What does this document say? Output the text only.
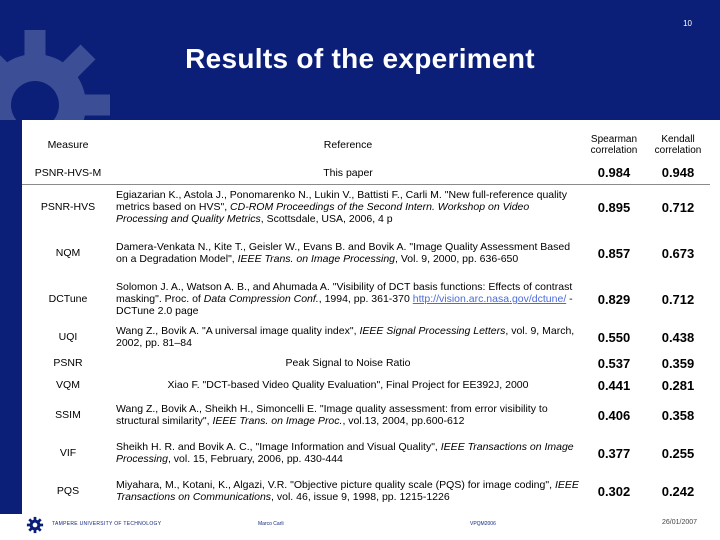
10
Results of the experiment
Measure	Reference	Spearman correlation	Kendall correlation
PSNR-HVS-M	This paper	0.984	0.948
PSNR-HVS	Egiazarian K., Astola J., Ponomarenko N., Lukin V., Battisti F., Carli M. "New full-reference quality metrics based on HVS", CD-ROM Proceedings of the Second Intern. Workshop on Video Processing and Quality Metrics, Scottsdale, USA, 2006, 4 p	0.895	0.712
NQM	Damera-Venkata N., Kite T., Geisler W., Evans B. and Bovik A. "Image Quality Assessment Based on a Degradation Model", IEEE Trans. on Image Processing, Vol. 9, 2000, pp. 636-650	0.857	0.673
DCTune	Solomon J. A., Watson A. B., and Ahumada A. "Visibility of DCT basis functions: Effects of contrast masking". Proc. of Data Compression Conf., 1994, pp. 361-370 http://vision.arc.nasa.gov/dctune/ - DCTune 2.0 page	0.829	0.712
UQI	Wang Z., Bovik A. "A universal image quality index", IEEE Signal Processing Letters, vol. 9, March, 2002, pp. 81–84	0.550	0.438
PSNR	Peak Signal to Noise Ratio	0.537	0.359
VQM	Xiao F. "DCT-based Video Quality Evaluation", Final Project for EE392J, 2000	0.441	0.281
SSIM	Wang Z., Bovik A., Sheikh H., Simoncelli E. "Image quality assessment: from error visibility to structural similarity", IEEE Trans. on Image Proc., vol.13, 2004, pp.600-612	0.406	0.358
VIF	Sheikh H. R. and Bovik A. C., "Image Information and Visual Quality", IEEE Transactions on Image Processing, vol. 15, February, 2006, pp. 430-444	0.377	0.255
PQS	Miyahara, M., Kotani, K., Algazi, V.R. "Objective picture quality scale (PQS) for image coding", IEEE Transactions on Communications, vol. 46, issue 9, 1998, pp. 1215-1226	0.302	0.242
TAMPERE UNIVERSITY OF TECHNOLOGY	Marco Carli	VPQM2006	26/01/2007
